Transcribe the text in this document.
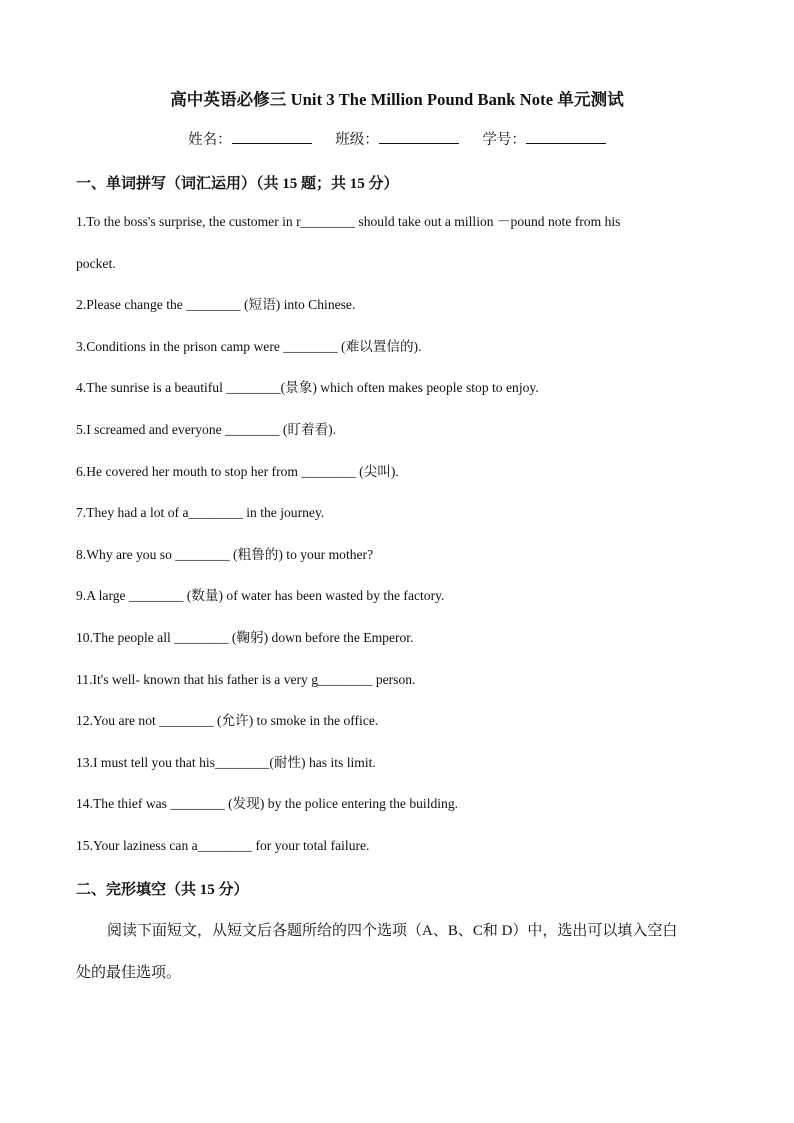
高中英语必修三 Unit 3 The Million Pound Bank Note 单元测试
姓名：	班级：	学号：
一、单词拼写（词汇运用）（共 15 题；共 15 分）
1.To the boss's surprise, the customer in r________ should take out a million －pound note from his
pocket.
2.Please change the ________ (短语) into Chinese.
3.Conditions in the prison camp were ________ (难以置信的).
4.The sunrise is a beautiful ________(景象) which often makes people stop to enjoy.
5.I screamed and everyone ________ (盯着看).
6.He covered her mouth to stop her from ________ (尖叫).
7.They had a lot of a________ in the journey.
8.Why are you so ________ (粗鲁的) to your mother?
9.A large ________ (数量) of water has been wasted by the factory.
10.The people all ________ (鞠躬) down before the Emperor.
11.It's well- known that his father is a very g________ person.
12.You are not ________ (允许) to smoke in the office.
13.I must tell you that his________(耐性) has its limit.
14.The thief was ________ (发现) by the police entering the building.
15.Your laziness can a________ for your total failure.
二、完形填空（共 15 分）
阅读下面短文，从短文后各题所给的四个选项（A、B、C和 D）中，选出可以填入空白
处的最佳选项。
